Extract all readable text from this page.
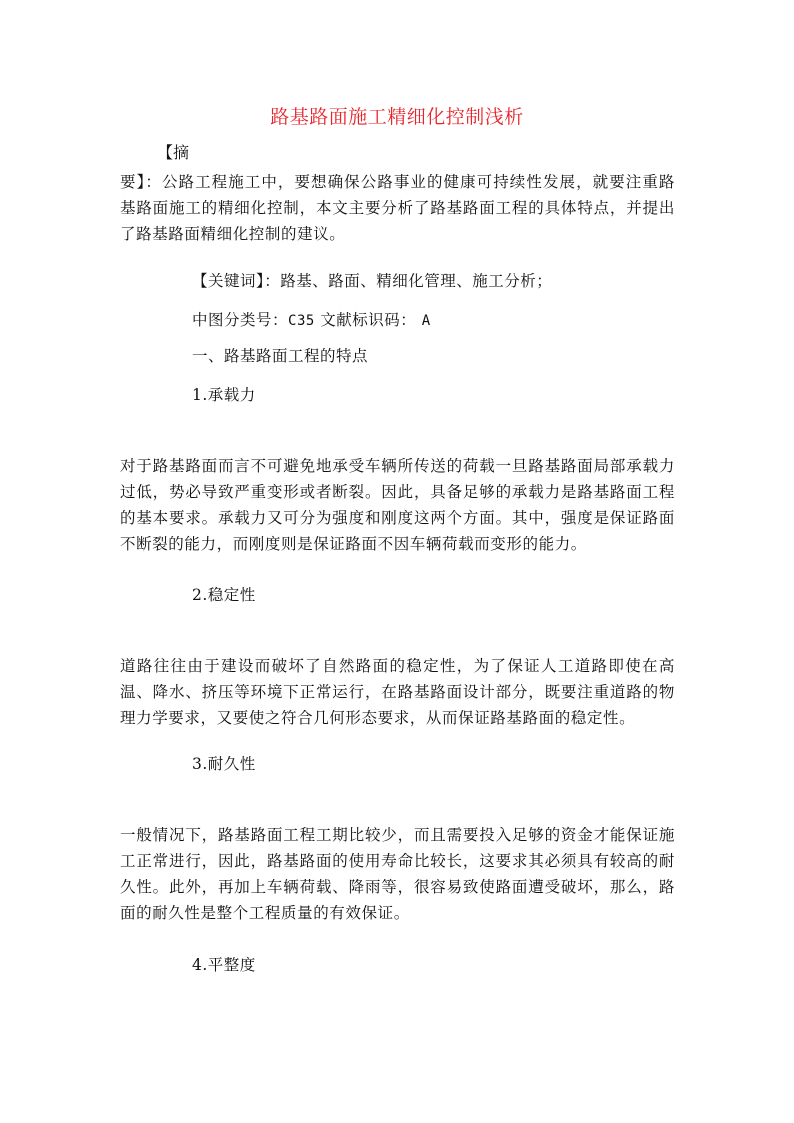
路基路面施工精细化控制浅析

【摘

要】：公路工程施工中，要想确保公路事业的健康可持续性发展，就要注重路基路面施工的精细化控制，本文主要分析了路基路面工程的具体特点，并提出了路基路面精细化控制的建议。

【关键词】：路基、路面、精细化管理、施工分析；

中图分类号：C35 文献标识码： A

一、路基路面工程的特点

1.承载力

对于路基路面而言不可避免地承受车辆所传送的荷载一旦路基路面局部承载力过低，势必导致严重变形或者断裂。因此，具备足够的承载力是路基路面工程的基本要求。承载力又可分为强度和刚度这两个方面。其中，强度是保证路面不断裂的能力，而刚度则是保证路面不因车辆荷载而变形的能力。

2.稳定性

道路往往由于建设而破坏了自然路面的稳定性，为了保证人工道路即使在高温、降水、挤压等环境下正常运行，在路基路面设计部分，既要注重道路的物理力学要求，又要使之符合几何形态要求，从而保证路基路面的稳定性。

3.耐久性

一般情况下，路基路面工程工期比较少，而且需要投入足够的资金才能保证施工正常进行，因此，路基路面的使用寿命比较长，这要求其必须具有较高的耐久性。此外，再加上车辆荷载、降雨等，很容易致使路面遭受破坏，那么，路面的耐久性是整个工程质量的有效保证。

4.平整度
